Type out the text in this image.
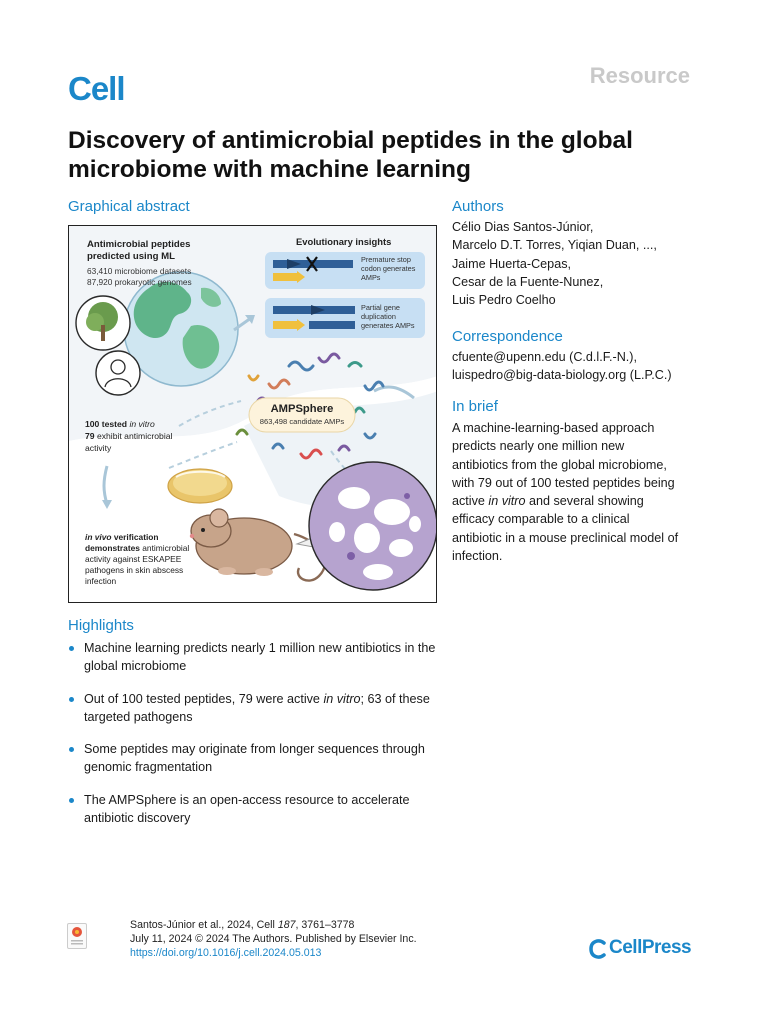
Cell	Resource
Discovery of antimicrobial peptides in the global microbiome with machine learning
Graphical abstract
Antimicrobial peptides
predicted using ML
63,410 microbiome datasets
87,920 prokaryotic genomes
Evolutionary insights
Premature stop
codon generates
AMPs
Partial gene
duplication
generates AMPs
AMPSphere
863,498 candidate AMPs
100 tested in vitro
79 exhibit antimicrobial
activity
in vivo verification
demonstrates antimicrobial
activity against ESKAPEE
pathogens in skin abscess
infection
Authors
Célio Dias Santos-Júnior,
Marcelo D.T. Torres, Yiqian Duan, ...,
Jaime Huerta-Cepas,
Cesar de la Fuente-Nunez,
Luis Pedro Coelho
Correspondence
cfuente@upenn.edu (C.d.l.F.-N.),
luispedro@big-data-biology.org (L.P.C.)
In brief
A machine-learning-based approach
predicts nearly one million new
antibiotics from the global microbiome,
with 79 out of 100 tested peptides being
active in vitro and several showing
efficacy comparable to a clinical
antibiotic in a mouse preclinical model of
infection.
Highlights
Machine learning predicts nearly 1 million new antibiotics in the global microbiome
Out of 100 tested peptides, 79 were active in vitro; 63 of these targeted pathogens
Some peptides may originate from longer sequences through genomic fragmentation
The AMPSphere is an open-access resource to accelerate antibiotic discovery
Santos-Júnior et al., 2024, Cell 187, 3761–3778
July 11, 2024 © 2024 The Authors. Published by Elsevier Inc.
https://doi.org/10.1016/j.cell.2024.05.013	CellPress
